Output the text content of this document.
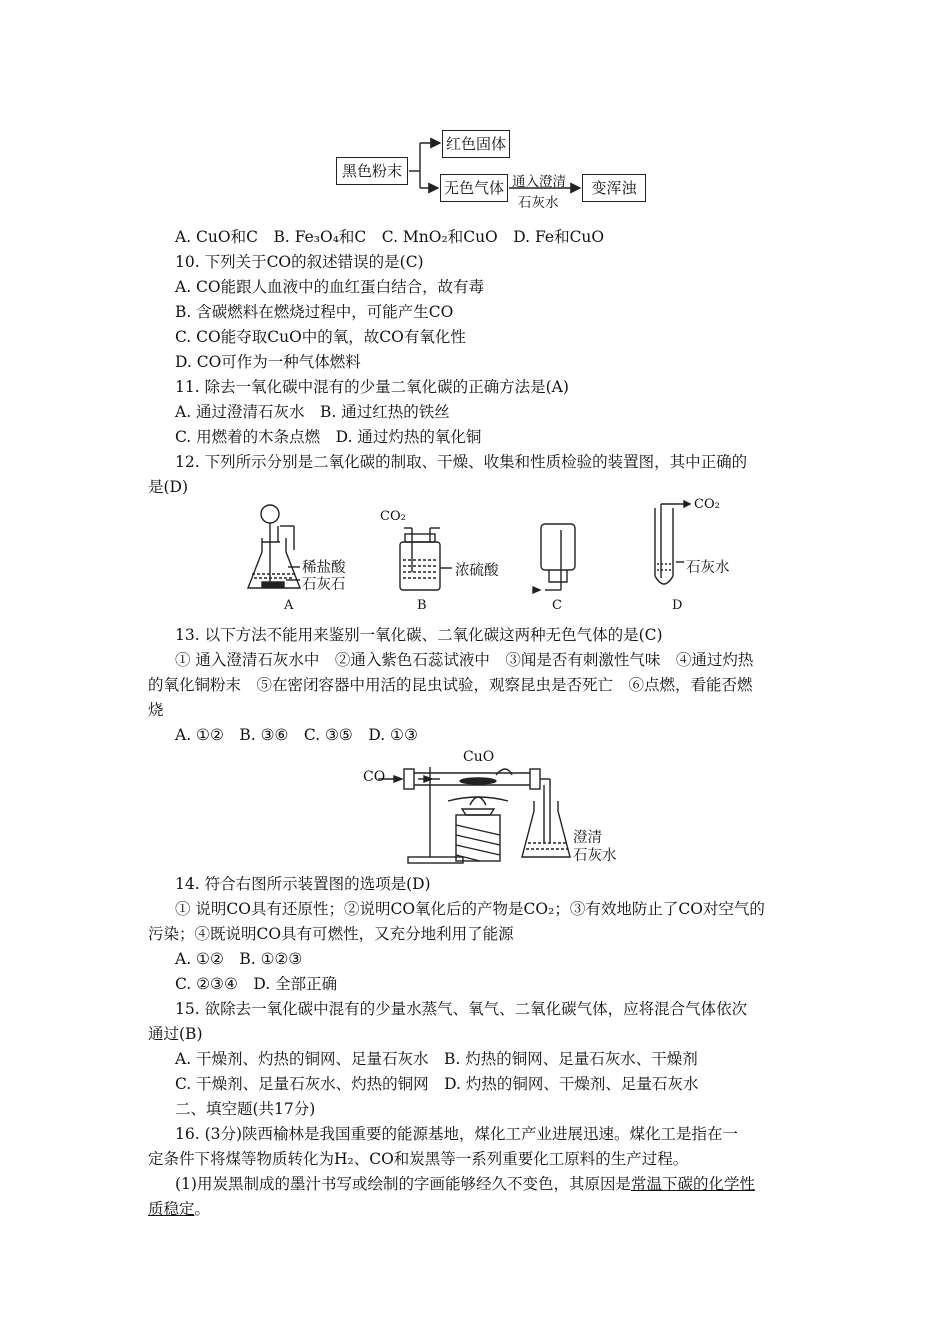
黑色粉末
红色固体
无色气体	变浑浊
通入澄清
石灰水
A. CuO和C　B. Fe₃O₄和C　C. MnO₂和CuO　D. Fe和CuO
10. 下列关于CO的叙述错误的是(C)
A. CO能跟人血液中的血红蛋白结合，故有毒
B. 含碳燃料在燃烧过程中，可能产生CO
C. CO能夺取CuO中的氧，故CO有氧化性
D. CO可作为一种气体燃料
11. 除去一氧化碳中混有的少量二氧化碳的正确方法是(A)
A. 通过澄清石灰水　B. 通过红热的铁丝
C. 用燃着的木条点燃　D. 通过灼热的氧化铜
12. 下列所示分别是二氧化碳的制取、干燥、收集和性质检验的装置图，其中正确的
是(D)
稀盐酸
石灰石
CO₂
浓硫酸
CO₂
石灰水
A	B	C	D
13. 以下方法不能用来鉴别一氧化碳、二氧化碳这两种无色气体的是(C)
① 通入澄清石灰水中　②通入紫色石蕊试液中　③闻是否有刺激性气味　④通过灼热
的氧化铜粉末　⑤在密闭容器中用活的昆虫试验，观察昆虫是否死亡　⑥点燃，看能否燃
烧
A. ①②　B. ③⑥　C. ③⑤　D. ①③
CO
CuO
澄清
石灰水
14. 符合右图所示装置图的选项是(D)
① 说明CO具有还原性；②说明CO氧化后的产物是CO₂；③有效地防止了CO对空气的
污染；④既说明CO具有可燃性，又充分地利用了能源
A. ①②　B. ①②③
C. ②③④　D. 全部正确
15. 欲除去一氧化碳中混有的少量水蒸气、氧气、二氧化碳气体，应将混合气体依次
通过(B)
A. 干燥剂、灼热的铜网、足量石灰水　B. 灼热的铜网、足量石灰水、干燥剂
C. 干燥剂、足量石灰水、灼热的铜网　D. 灼热的铜网、干燥剂、足量石灰水
二、填空题(共17分)
16. (3分)陕西榆林是我国重要的能源基地，煤化工产业进展迅速。煤化工是指在一
定条件下将煤等物质转化为H₂、CO和炭黑等一系列重要化工原料的生产过程。
(1)用炭黑制成的墨汁书写或绘制的字画能够经久不变色，其原因是常温下碳的化学性
质稳定。
